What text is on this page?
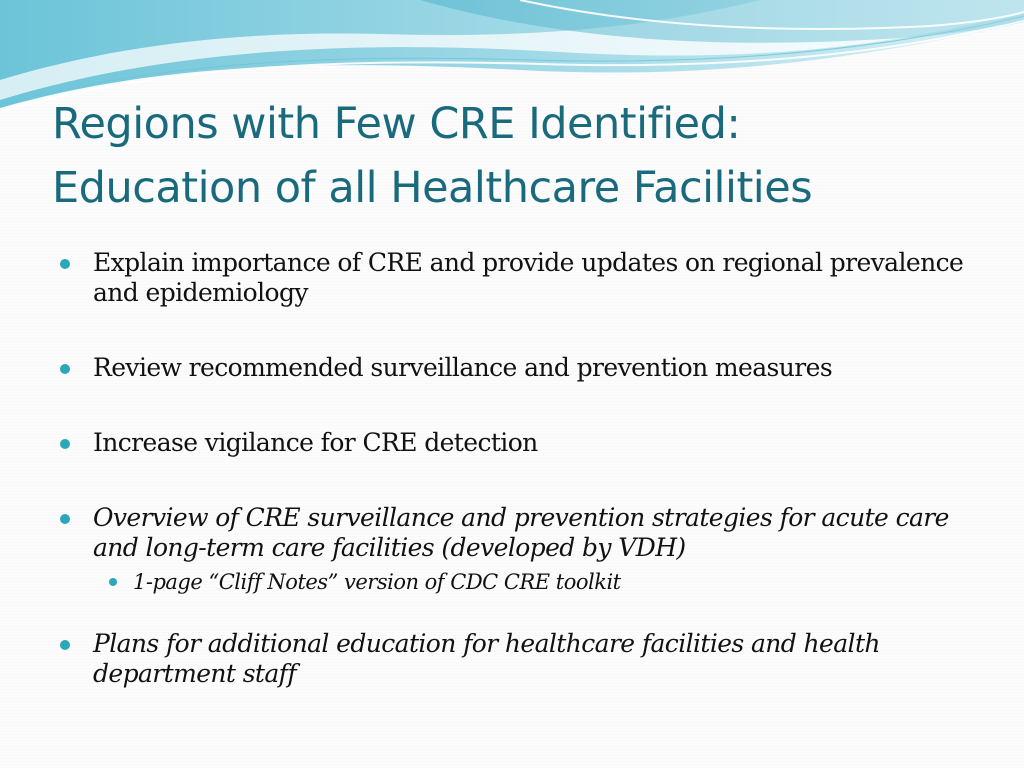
Regions with Few CRE Identified:
Education of all Healthcare Facilities
Explain importance of CRE and provide updates on regional prevalence and epidemiology
Review recommended surveillance and prevention measures
Increase vigilance for CRE detection
Overview of CRE surveillance and prevention strategies for acute care and long-term care facilities (developed by VDH)
1-page “Cliff Notes” version of CDC CRE toolkit
Plans for additional education for healthcare facilities and health department staff
